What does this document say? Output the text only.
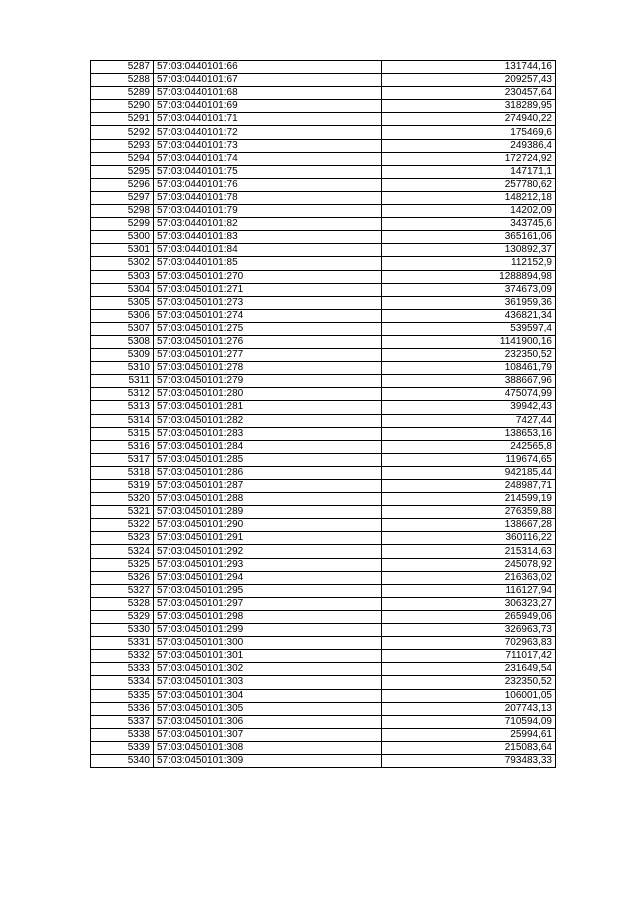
5287	57:03:0440101:66	131744,16
5288	57:03:0440101:67	209257,43
5289	57:03:0440101:68	230457,64
5290	57:03:0440101:69	318289,95
5291	57:03:0440101:71	274940,22
5292	57:03:0440101:72	175469,6
5293	57:03:0440101:73	249386,4
5294	57:03:0440101:74	172724,92
5295	57:03:0440101:75	147171,1
5296	57:03:0440101:76	257780,62
5297	57:03:0440101:78	148212,18
5298	57:03:0440101:79	14202,09
5299	57:03:0440101:82	343745,6
5300	57:03:0440101:83	365161,06
5301	57:03:0440101:84	130892,37
5302	57:03:0440101:85	112152,9
5303	57:03:0450101:270	1288894,98
5304	57:03:0450101:271	374673,09
5305	57:03:0450101:273	361959,36
5306	57:03:0450101:274	436821,34
5307	57:03:0450101:275	539597,4
5308	57:03:0450101:276	1141900,16
5309	57:03:0450101:277	232350,52
5310	57:03:0450101:278	108461,79
5311	57:03:0450101:279	388667,96
5312	57:03:0450101:280	475074,99
5313	57:03:0450101:281	39942,43
5314	57:03:0450101:282	7427,44
5315	57:03:0450101:283	138653,16
5316	57:03:0450101:284	242565,8
5317	57:03:0450101:285	119674,65
5318	57:03:0450101:286	942185,44
5319	57:03:0450101:287	248987,71
5320	57:03:0450101:288	214599,19
5321	57:03:0450101:289	276359,88
5322	57:03:0450101:290	138667,28
5323	57:03:0450101:291	360116,22
5324	57:03:0450101:292	215314,63
5325	57:03:0450101:293	245078,92
5326	57:03:0450101:294	216363,02
5327	57:03:0450101:295	116127,94
5328	57:03:0450101:297	306323,27
5329	57:03:0450101:298	265949,06
5330	57:03:0450101:299	326963,73
5331	57:03:0450101:300	702963,83
5332	57:03:0450101:301	711017,42
5333	57:03:0450101:302	231649,54
5334	57:03:0450101:303	232350,52
5335	57:03:0450101:304	106001,05
5336	57:03:0450101:305	207743,13
5337	57:03:0450101:306	710594,09
5338	57:03:0450101:307	25994,61
5339	57:03:0450101:308	215083,64
5340	57:03:0450101:309	793483,33
